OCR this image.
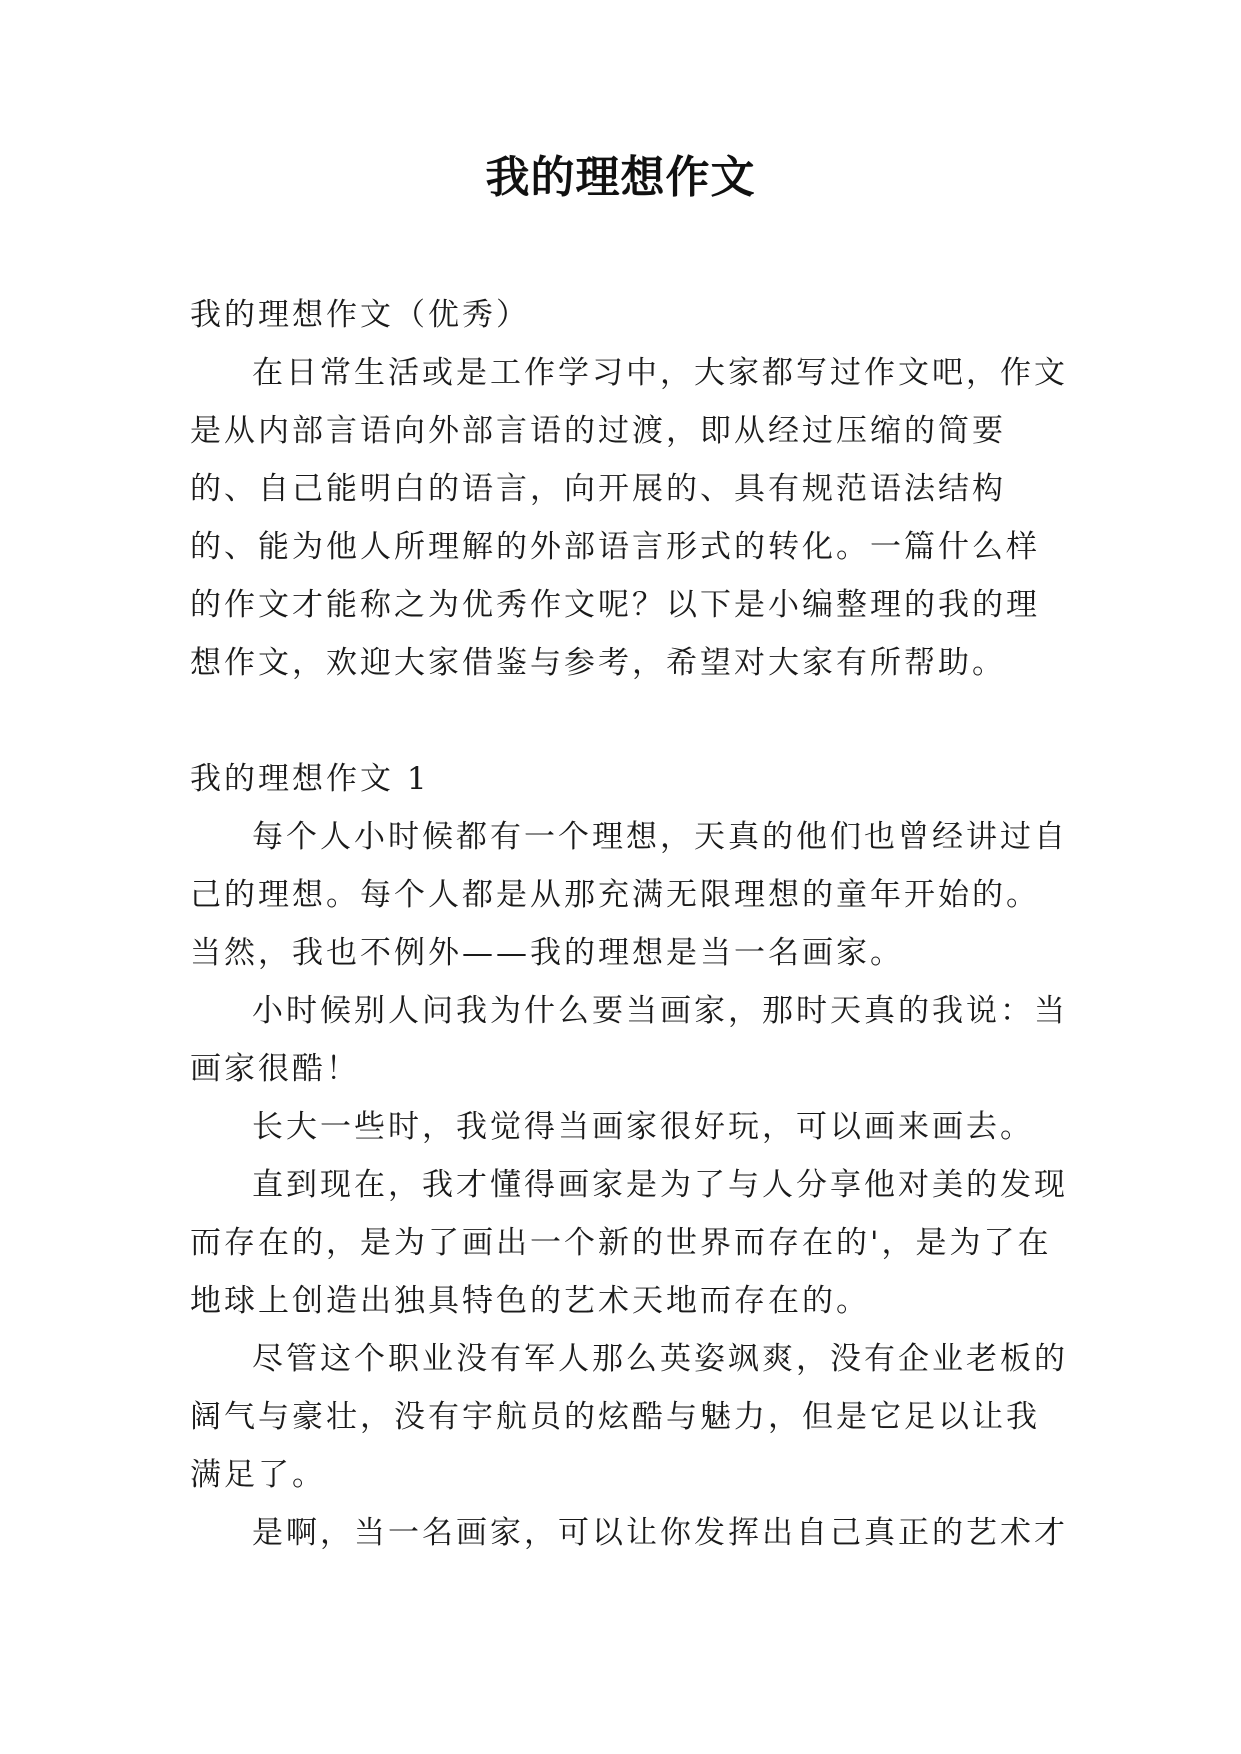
我的理想作文

我的理想作文（优秀）

在日常生活或是工作学习中，大家都写过作文吧，作文是从内部言语向外部言语的过渡，即从经过压缩的简要的、自己能明白的语言，向开展的、具有规范语法结构的、能为他人所理解的外部语言形式的转化。一篇什么样的作文才能称之为优秀作文呢？以下是小编整理的我的理想作文，欢迎大家借鉴与参考，希望对大家有所帮助。

我的理想作文 1

每个人小时候都有一个理想，天真的他们也曾经讲过自己的理想。每个人都是从那充满无限理想的童年开始的。当然，我也不例外——我的理想是当一名画家。

小时候别人问我为什么要当画家，那时天真的我说：当画家很酷！

长大一些时，我觉得当画家很好玩，可以画来画去。

直到现在，我才懂得画家是为了与人分享他对美的发现而存在的，是为了画出一个新的世界而存在的'，是为了在地球上创造出独具特色的艺术天地而存在的。

尽管这个职业没有军人那么英姿飒爽，没有企业老板的阔气与豪壮，没有宇航员的炫酷与魅力，但是它足以让我满足了。

是啊，当一名画家，可以让你发挥出自己真正的艺术才
